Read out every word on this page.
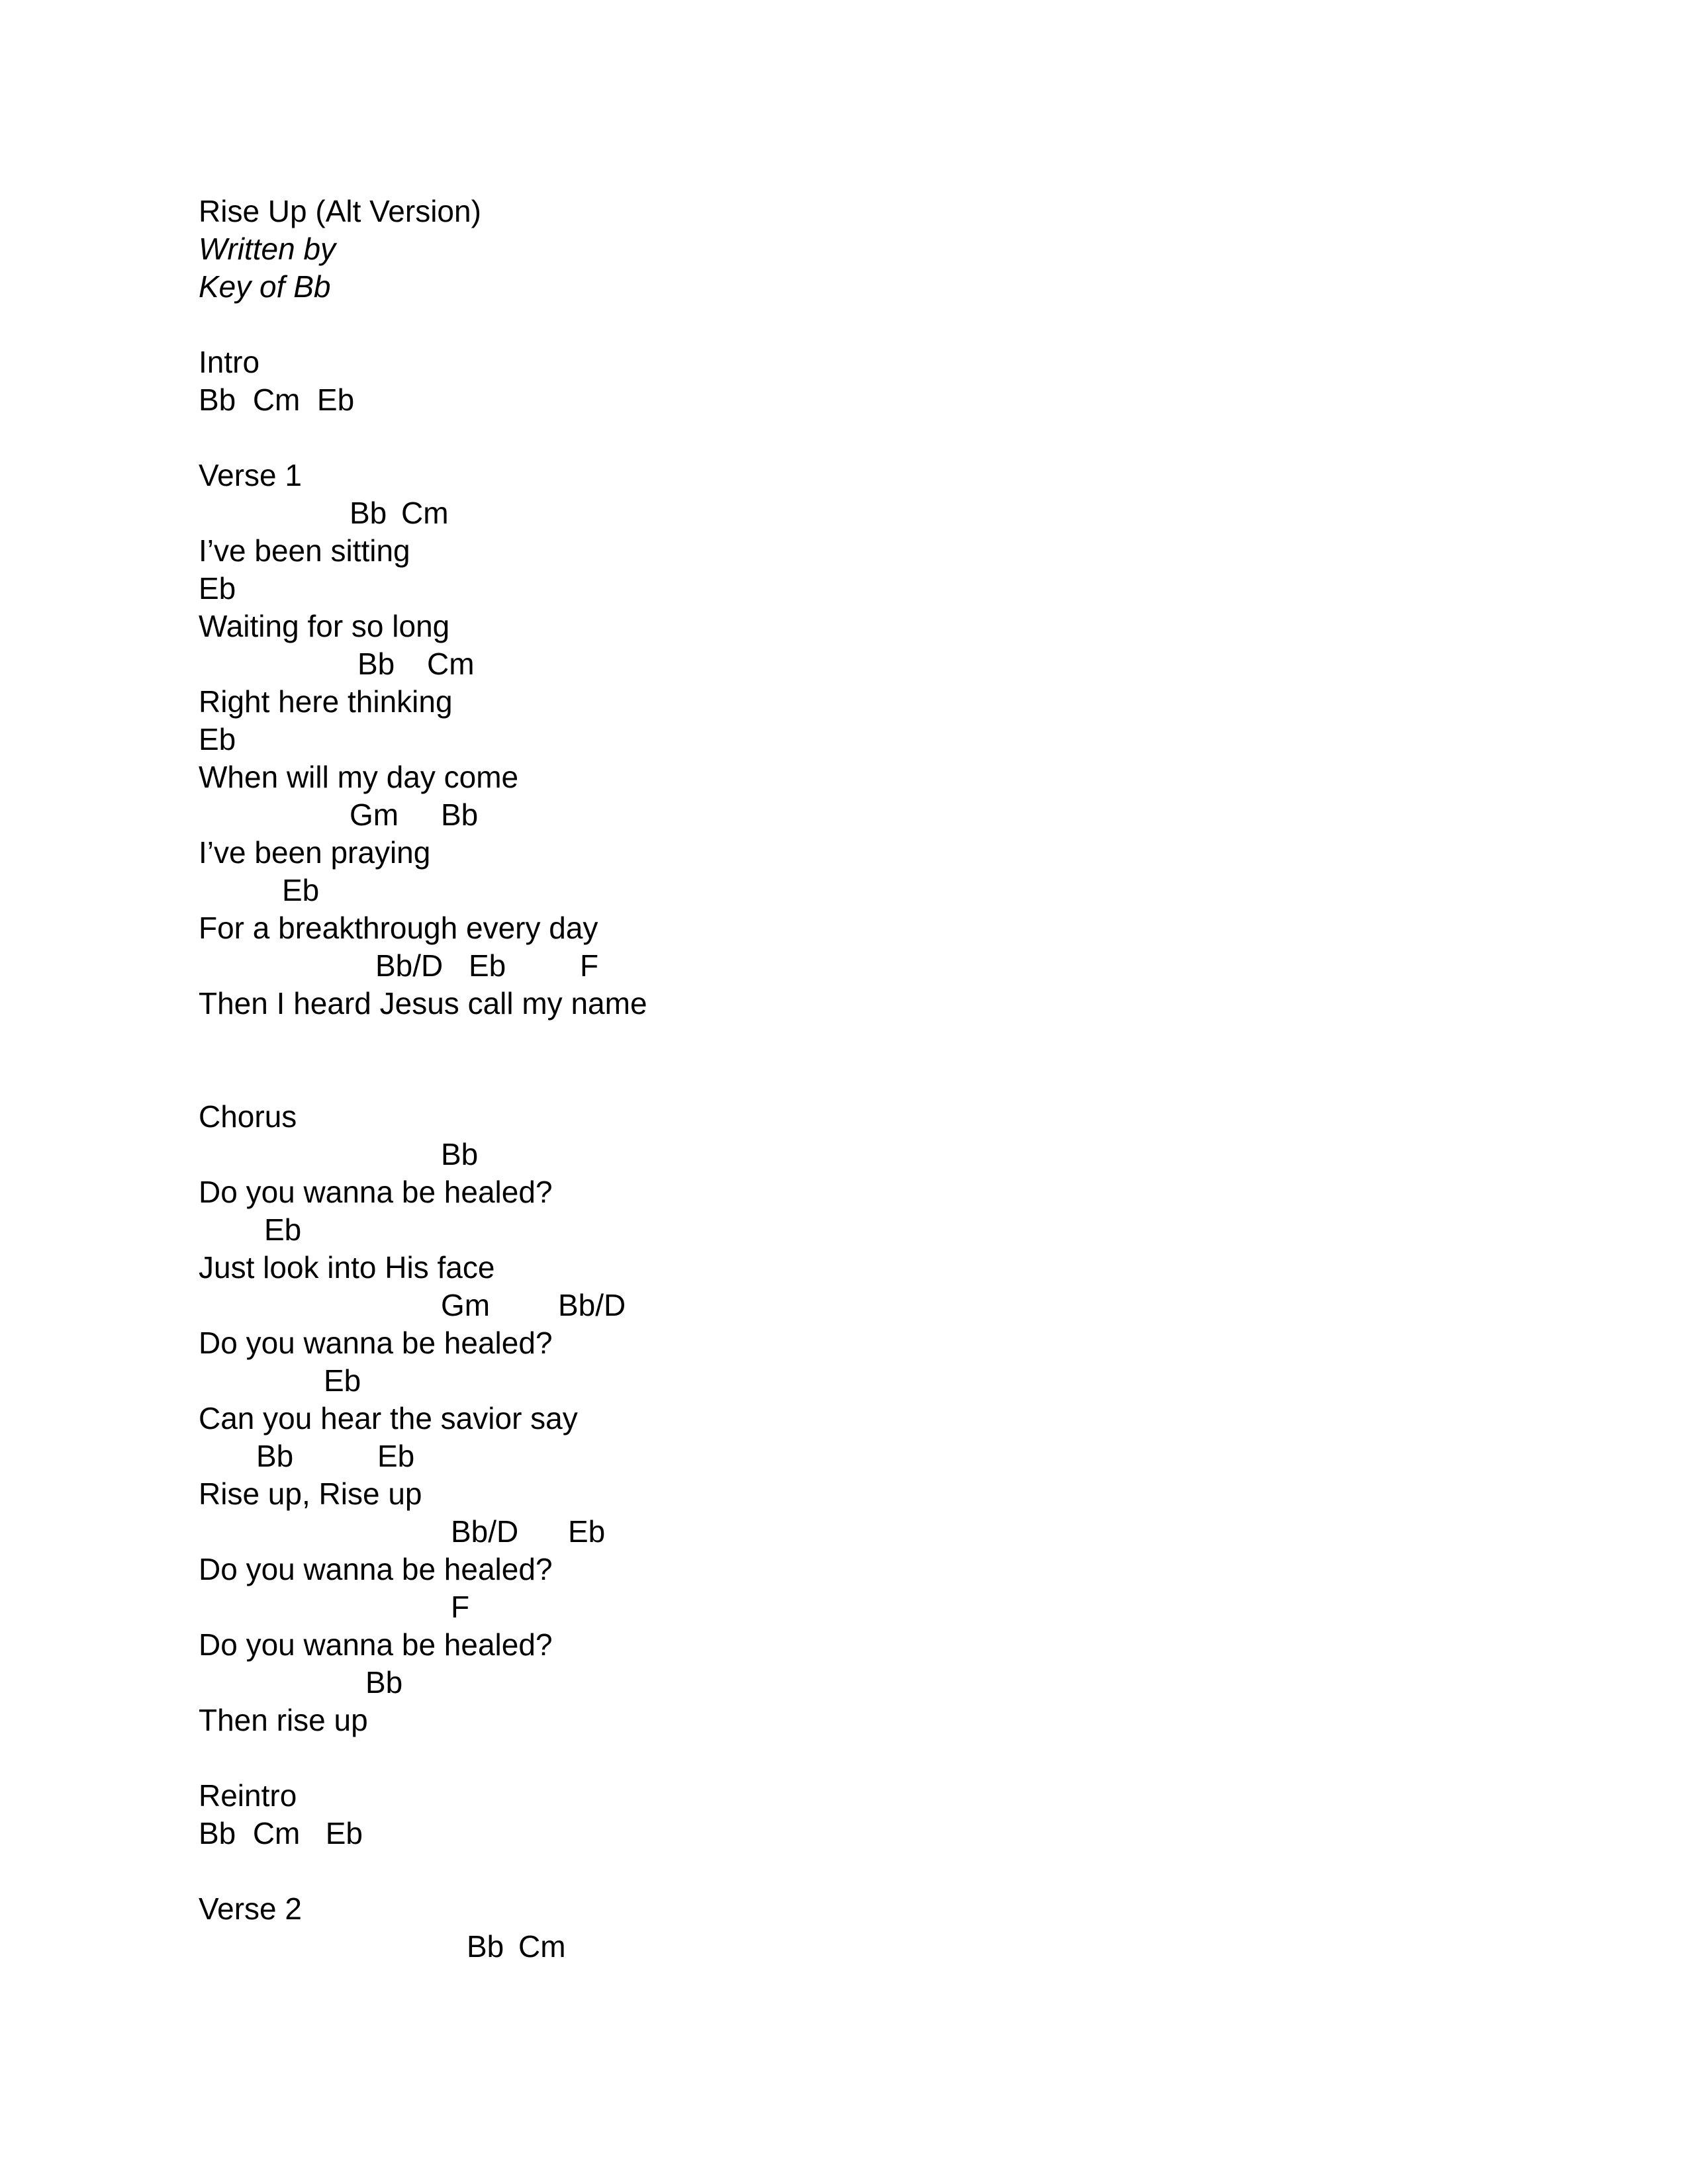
Rise Up (Alt Version)
Written by
Key of Bb
Intro
Bb  Cm  Eb
Verse 1

Bb

Cm

I’ve been sitting

Eb

Waiting for so long

Bb

Cm

Right here thinking

Eb

When will my day come

Gm

Bb

I’ve been praying

Eb

For a breakthrough every day

Bb/D

Eb

F

Then I heard Jesus call my name
Chorus

Bb

Do you wanna be healed?

Eb

Just look into His face

Gm

Bb/D

Do you wanna be healed?

Eb

Can you hear the savior say

Bb

	Eb

Rise up, Rise up

Bb/D

Eb

Do you wanna be healed?

F

Do you wanna be healed?

Bb

Then rise up
Reintro
Bb  Cm   Eb
Verse 2

Bb

Cm
